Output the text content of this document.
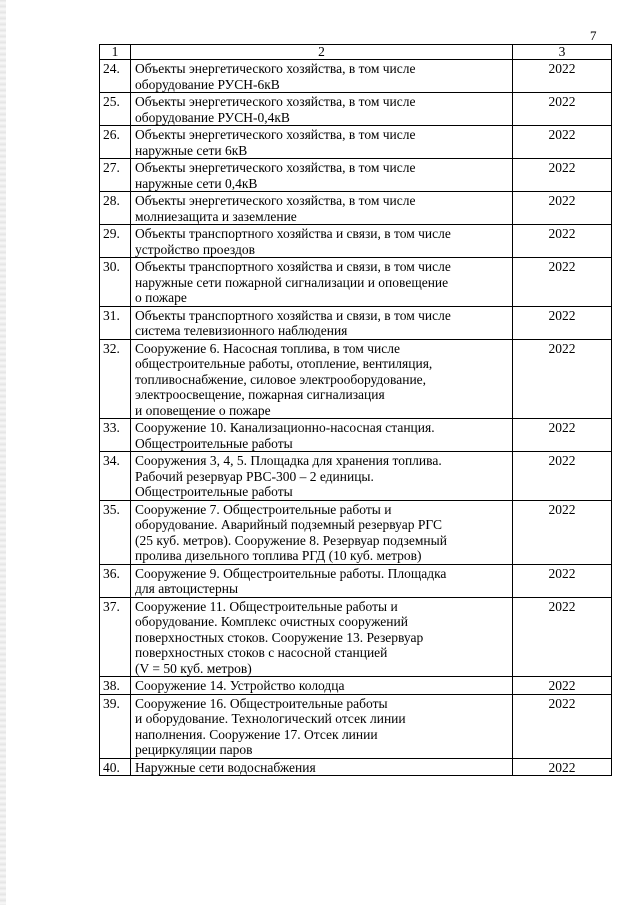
7
1	2	3
24.	Объекты энергетического хозяйства, в том числе
оборудование РУСН-6кВ	2022
25.	Объекты энергетического хозяйства, в том числе
оборудование РУСН-0,4кВ	2022
26.	Объекты энергетического хозяйства, в том числе
наружные сети 6кВ	2022
27.	Объекты энергетического хозяйства, в том числе
наружные сети 0,4кВ	2022
28.	Объекты энергетического хозяйства, в том числе
молниезащита и заземление	2022
29.	Объекты транспортного хозяйства и связи, в том числе
устройство проездов	2022
30.	Объекты транспортного хозяйства и связи, в том числе
наружные сети пожарной сигнализации и оповещение
о пожаре	2022
31.	Объекты транспортного хозяйства и связи, в том числе
система телевизионного наблюдения	2022
32.	Сооружение 6. Насосная топлива, в том числе
общестроительные работы, отопление, вентиляция,
топливоснабжение, силовое электрооборудование,
электроосвещение, пожарная сигнализация
и оповещение о пожаре	2022
33.	Сооружение 10. Канализационно-насосная станция.
Общестроительные работы	2022
34.	Сооружения 3, 4, 5. Площадка для хранения топлива.
Рабочий резервуар РВС-300 – 2 единицы.
Общестроительные работы	2022
35.	Сооружение 7. Общестроительные работы и
оборудование. Аварийный подземный резервуар РГС
(25 куб. метров). Сооружение 8. Резервуар подземный
пролива дизельного топлива РГД (10 куб. метров)	2022
36.	Сооружение 9. Общестроительные работы. Площадка
для автоцистерны	2022
37.	Сооружение 11. Общестроительные работы и
оборудование. Комплекс очистных сооружений
поверхностных стоков. Сооружение 13. Резервуар
поверхностных стоков с насосной станцией
(V = 50 куб. метров)	2022
38.	Сооружение 14. Устройство колодца	2022
39.	Сооружение 16. Общестроительные работы
и оборудование. Технологический отсек линии
наполнения. Сооружение 17. Отсек линии
рециркуляции паров	2022
40.	Наружные сети водоснабжения	2022
